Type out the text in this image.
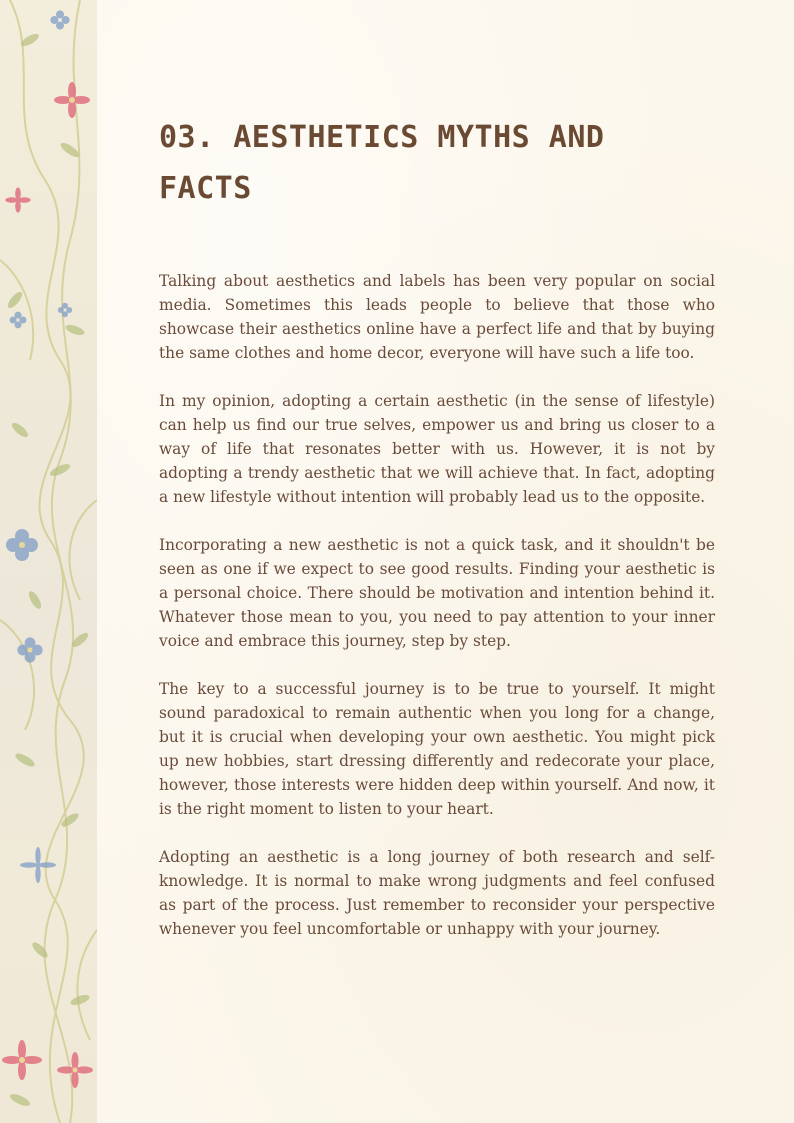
03. AESTHETICS MYTHS AND FACTS

Talking about aesthetics and labels has been very popular on social media. Sometimes this leads people to believe that those who showcase their aesthetics online have a perfect life and that by buying the same clothes and home decor, everyone will have such a life too.

In my opinion, adopting a certain aesthetic (in the sense of lifestyle) can help us find our true selves, empower us and bring us closer to a way of life that resonates better with us. However, it is not by adopting a trendy aesthetic that we will achieve that. In fact, adopting a new lifestyle without intention will probably lead us to the opposite.

Incorporating a new aesthetic is not a quick task, and it shouldn't be seen as one if we expect to see good results. Finding your aesthetic is a personal choice. There should be motivation and intention behind it. Whatever those mean to you, you need to pay attention to your inner voice and embrace this journey, step by step.

The key to a successful journey is to be true to yourself. It might sound paradoxical to remain authentic when you long for a change, but it is crucial when developing your own aesthetic. You might pick up new hobbies, start dressing differently and redecorate your place, however, those interests were hidden deep within yourself. And now, it is the right moment to listen to your heart.

Adopting an aesthetic is a long journey of both research and self-knowledge. It is normal to make wrong judgments and feel confused as part of the process. Just remember to reconsider your perspective whenever you feel uncomfortable or unhappy with your journey.
